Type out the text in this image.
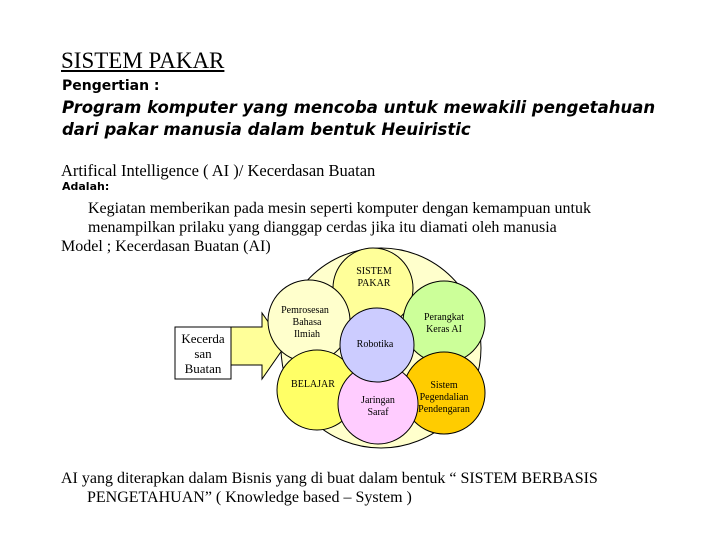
SISTEM PAKAR
Pengertian :
Program komputer yang mencoba untuk mewakili pengetahuan dari pakar manusia dalam bentuk Heuiristic
Artifical Intelligence ( AI )/ Kecerdasan Buatan
Adalah:
Kegiatan memberikan pada mesin seperti komputer dengan kemampuan untuk
menampilkan prilaku yang dianggap cerdas jika itu diamati oleh manusia
Model ; Kecerdasan Buatan (AI)
Kecerda
san
Buatan
SISTEM
PAKAR
Pemrosesan
Bahasa
Ilmiah
Robotika
Perangkat
Keras AI
BELAJAR
Jaringan
Saraf
Sistem
Pegendalian
Pendengaran
AI yang diterapkan dalam Bisnis yang di buat dalam bentuk “ SISTEM BERBASIS
PENGETAHUAN” ( Knowledge based – System )
